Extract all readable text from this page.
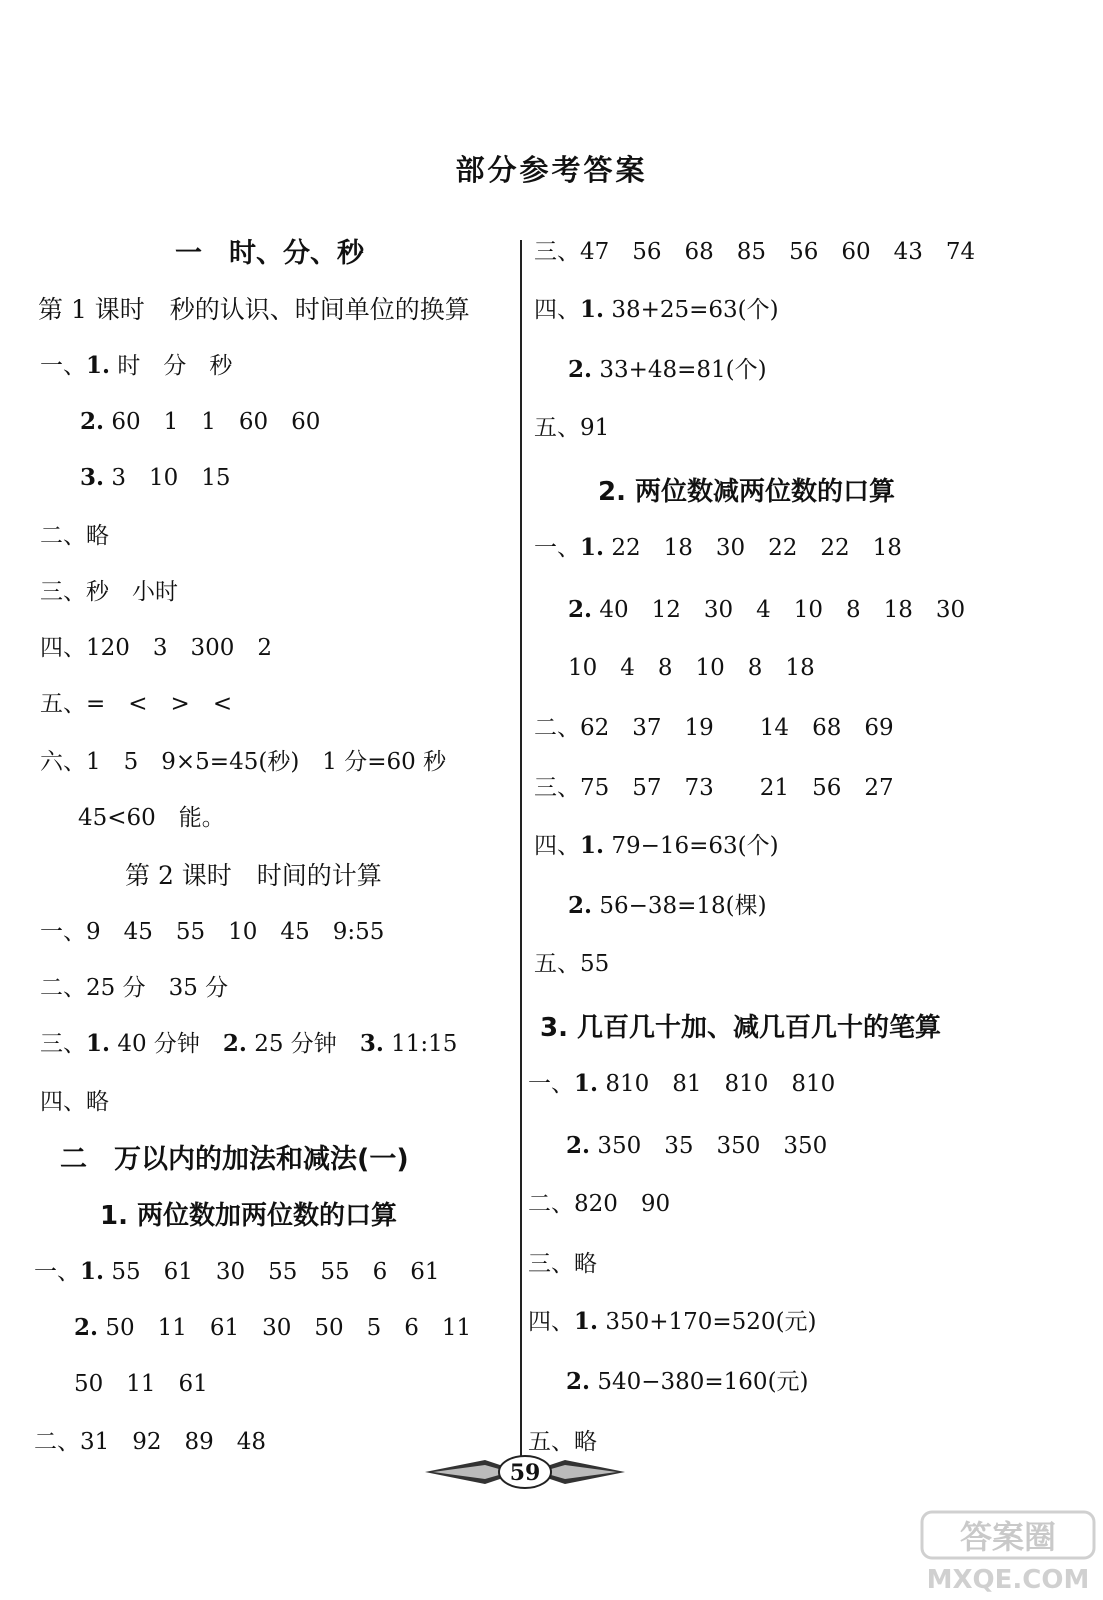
部分参考答案
一　时、分、秒
第 1 课时　秒的认识、时间单位的换算
一、1. 时　分　秒
2. 60　1　1　60　60
3. 3　10　15
二、略
三、秒　小时
四、120　3　300　2
五、=　<　>　<
六、1　5　9×5=45(秒)　1 分=60 秒
45<60　能。
第 2 课时　时间的计算
一、9　45　55　10　45　9:55
二、25 分　35 分
三、1. 40 分钟　2. 25 分钟　3. 11:15
四、略
二　万以内的加法和减法(一)
1. 两位数加两位数的口算
一、1. 55　61　30　55　55　6　61
2. 50　11　61　30　50　5　6　11
50　11　61
二、31　92　89　48
三、47　56　68　85　56　60　43　74
四、1. 38+25=63(个)
2. 33+48=81(个)
五、91
2. 两位数减两位数的口算
一、1. 22　18　30　22　22　18
2. 40　12　30　4　10　8　18　30
10　4　8　10　8　18
二、62　37　19　　14　68　69
三、75　57　73　　21　56　27
四、1. 79−16=63(个)
2. 56−38=18(棵)
五、55
3. 几百几十加、减几百几十的笔算
一、1. 810　81　810　810
2. 350　35　350　350
二、820　90
三、略
四、1. 350+170=520(元)
2. 540−380=160(元)
五、略
59
答案圈
MXQE.COM
